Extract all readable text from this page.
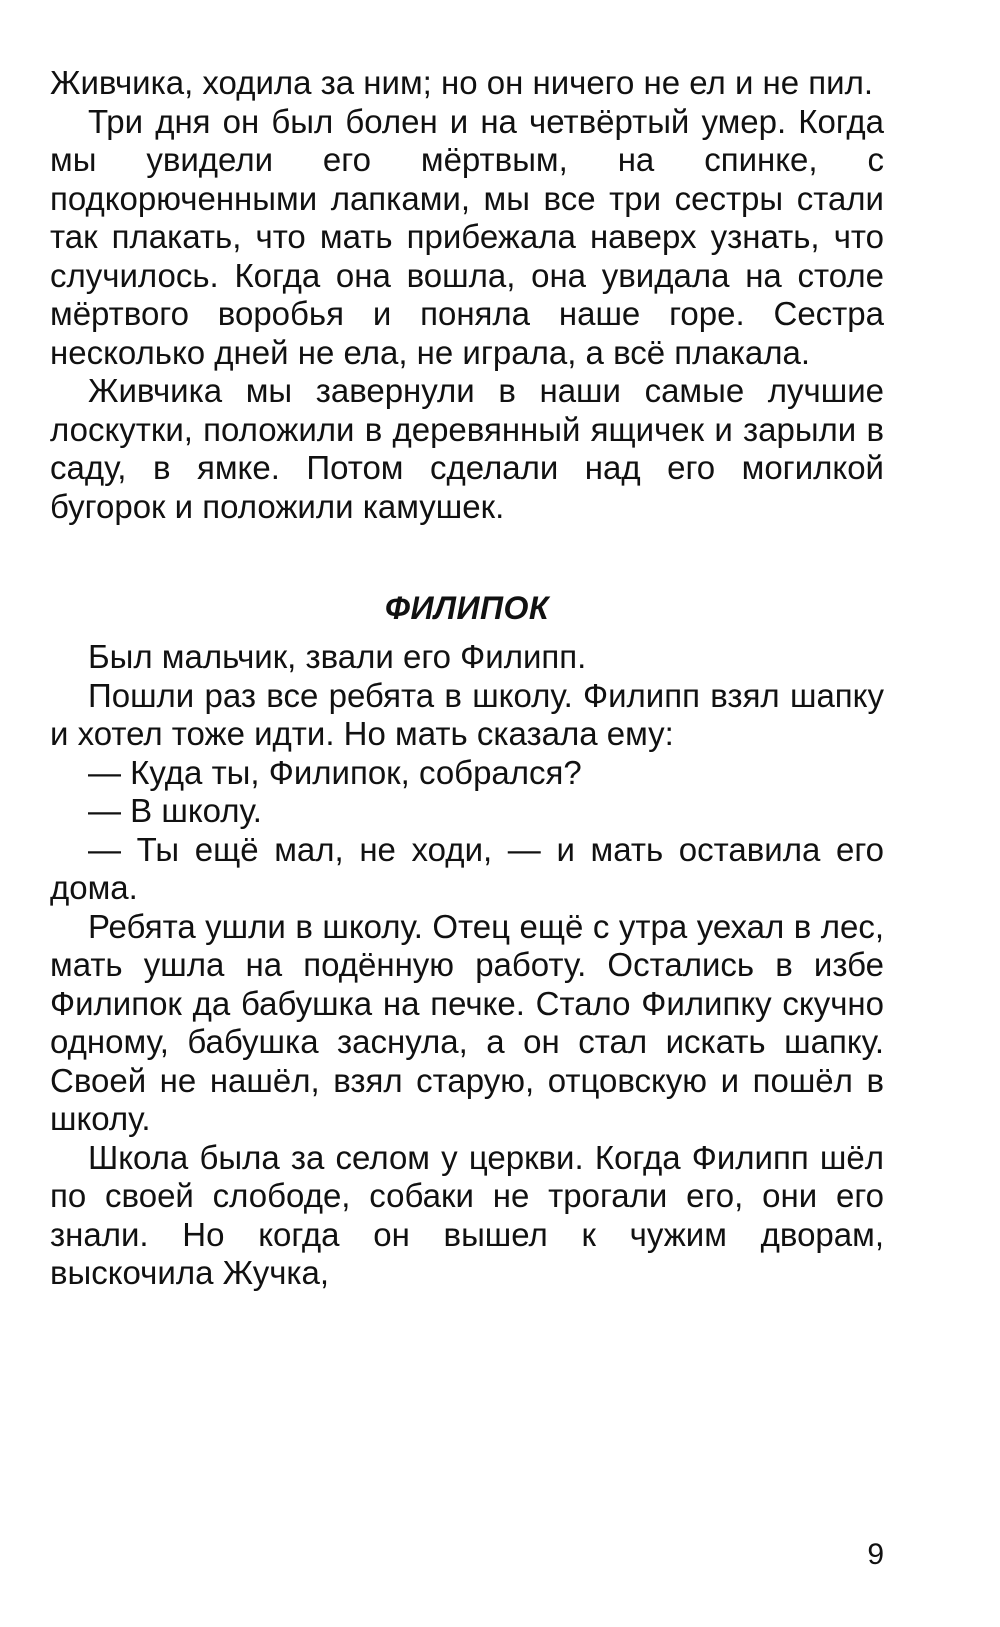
Живчика, ходила за ним; но он ничего не ел и не пил.

Три дня он был болен и на четвёртый умер. Когда мы увидели его мёртвым, на спинке, с подкорюченными лапками, мы все три сестры стали так плакать, что мать прибежала наверх узнать, что случилось. Когда она вошла, она увидала на столе мёртвого воробья и поняла наше горе. Сестра несколько дней не ела, не играла, а всё плакала.

Живчика мы завернули в наши самые лучшие лоскутки, положили в деревянный ящичек и зарыли в саду, в ямке. Потом сделали над его могилкой бугорок и положили камушек.

ФИЛИПОК

Был мальчик, звали его Филипп.

Пошли раз все ребята в школу. Филипп взял шапку и хотел тоже идти. Но мать сказала ему:

— Куда ты, Филипок, собрался?

— В школу.

— Ты ещё мал, не ходи, — и мать оставила его дома.

Ребята ушли в школу. Отец ещё с утра уехал в лес, мать ушла на подённую работу. Остались в избе Филипок да бабушка на печке. Стало Филипку скучно одному, бабушка заснула, а он стал искать шапку. Своей не нашёл, взял старую, отцовскую и пошёл в школу.

Школа была за селом у церкви. Когда Филипп шёл по своей слободе, собаки не трогали его, они его знали. Но когда он вышел к чужим дворам, выскочила Жучка,

9
